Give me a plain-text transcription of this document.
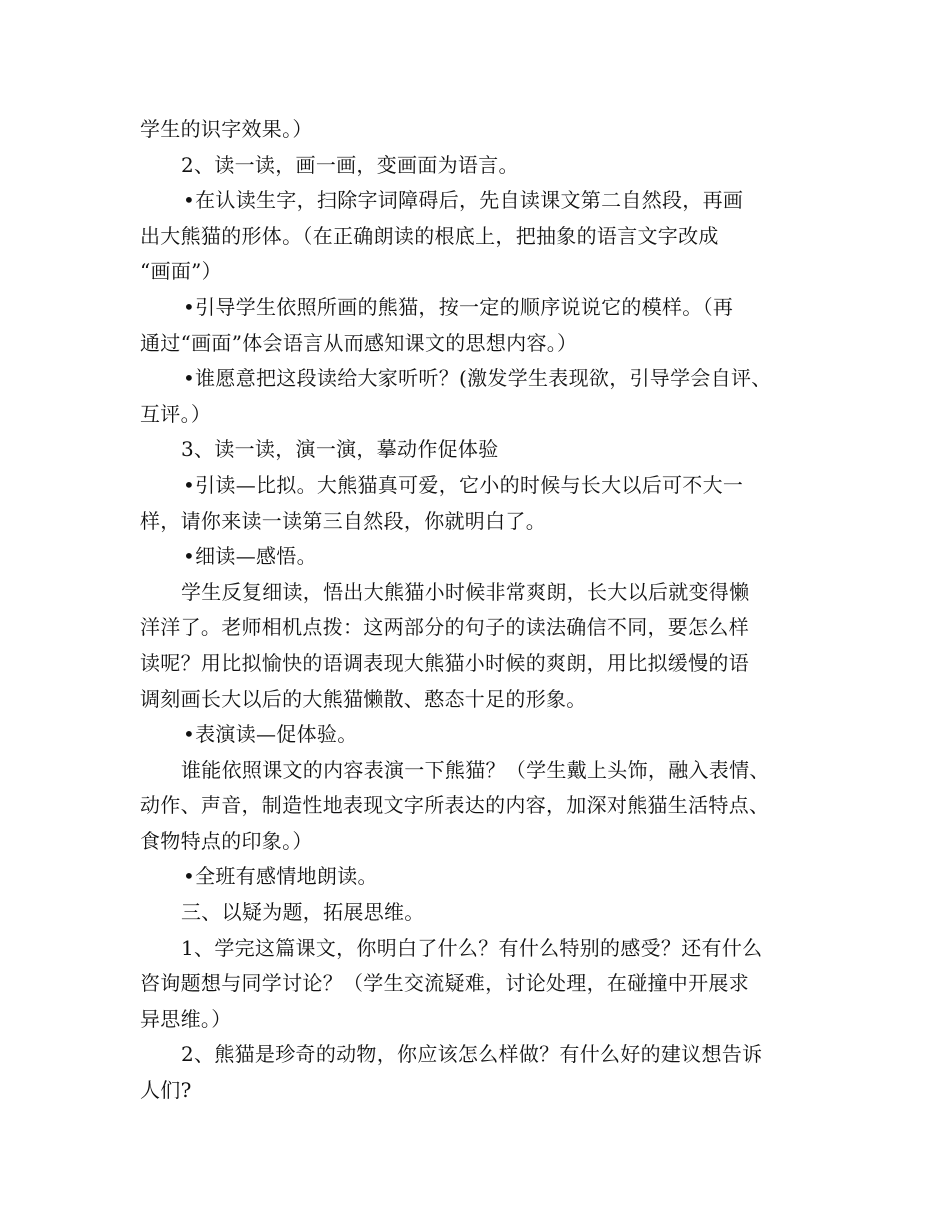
学生的识字效果。）
2、读一读，画一画，变画面为语言。
•在认读生字，扫除字词障碍后，先自读课文第二自然段，再画
出大熊猫的形体。（在正确朗读的根底上，把抽象的语言文字改成
“画面”）
•引导学生依照所画的熊猫，按一定的顺序说说它的模样。（再
通过“画面”体会语言从而感知课文的思想内容。）
•谁愿意把这段读给大家听听？(激发学生表现欲，引导学会自评、
互评。）
3、读一读，演一演，摹动作促体验
•引读—比拟。大熊猫真可爱，它小的时候与长大以后可不大一
样，请你来读一读第三自然段，你就明白了。
•细读—感悟。
学生反复细读，悟出大熊猫小时候非常爽朗，长大以后就变得懒
洋洋了。老师相机点拨：这两部分的句子的读法确信不同，要怎么样
读呢？用比拟愉快的语调表现大熊猫小时候的爽朗，用比拟缓慢的语
调刻画长大以后的大熊猫懒散、憨态十足的形象。
•表演读—促体验。
谁能依照课文的内容表演一下熊猫？（学生戴上头饰，融入表情、
动作、声音，制造性地表现文字所表达的内容，加深对熊猫生活特点、
食物特点的印象。）
•全班有感情地朗读。
三、以疑为题，拓展思维。
1、学完这篇课文，你明白了什么？有什么特别的感受？还有什么
咨询题想与同学讨论？（学生交流疑难，讨论处理，在碰撞中开展求
异思维。）
2、熊猫是珍奇的动物，你应该怎么样做？有什么好的建议想告诉
人们?
